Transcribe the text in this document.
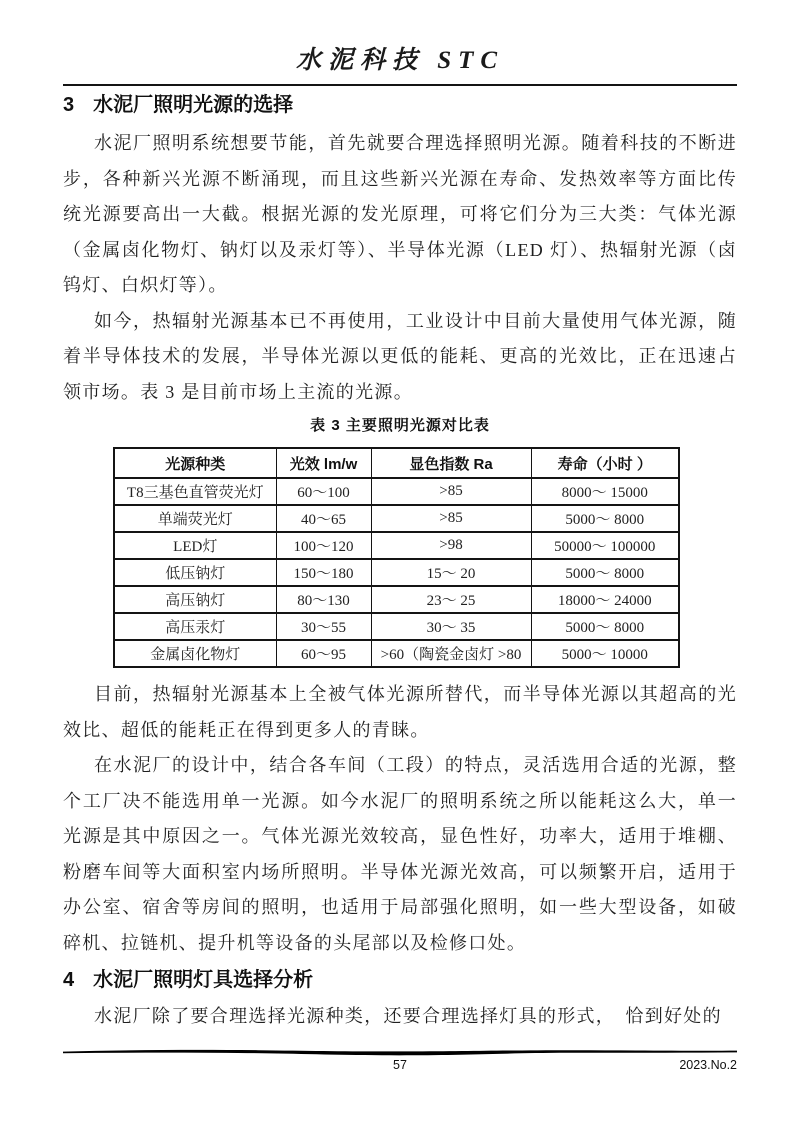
水泥科技 STC
3 水泥厂照明光源的选择

水泥厂照明系统想要节能，首先就要合理选择照明光源。随着科技的不断进步，各种新兴光源不断涌现，而且这些新兴光源在寿命、发热效率等方面比传统光源要高出一大截。根据光源的发光原理，可将它们分为三大类：气体光源（金属卤化物灯、钠灯以及汞灯等）、半导体光源（LED 灯）、热辐射光源（卤钨灯、白炽灯等）。

如今，热辐射光源基本已不再使用，工业设计中目前大量使用气体光源，随着半导体技术的发展，半导体光源以更低的能耗、更高的光效比，正在迅速占领市场。表 3 是目前市场上主流的光源。

表 3 主要照明光源对比表
光源种类	光效 lm/w	显色指数 Ra	寿命（小时 ）
T8三基色直管荧光灯	60～100	>85	8000～ 15000
单端荧光灯	40～65	>85	5000～ 8000
LED灯	100～120	>98	50000～ 100000
低压钠灯	150～180	15～ 20	5000～ 8000
高压钠灯	80～130	23～ 25	18000～ 24000
高压汞灯	30～55	30～ 35	5000～ 8000
金属卤化物灯	60～95	>60（陶瓷金卤灯 >80	5000～ 10000

目前，热辐射光源基本上全被气体光源所替代，而半导体光源以其超高的光效比、超低的能耗正在得到更多人的青睐。

在水泥厂的设计中，结合各车间（工段）的特点，灵活选用合适的光源，整个工厂决不能选用单一光源。如今水泥厂的照明系统之所以能耗这么大，单一光源是其中原因之一。气体光源光效较高，显色性好，功率大，适用于堆棚、粉磨车间等大面积室内场所照明。半导体光源光效高，可以频繁开启，适用于办公室、宿舍等房间的照明，也适用于局部强化照明，如一些大型设备，如破碎机、拉链机、提升机等设备的头尾部以及检修口处。

4 水泥厂照明灯具选择分析

水泥厂除了要合理选择光源种类，还要合理选择灯具的形式，　恰到好处的

57	2023.No.2
